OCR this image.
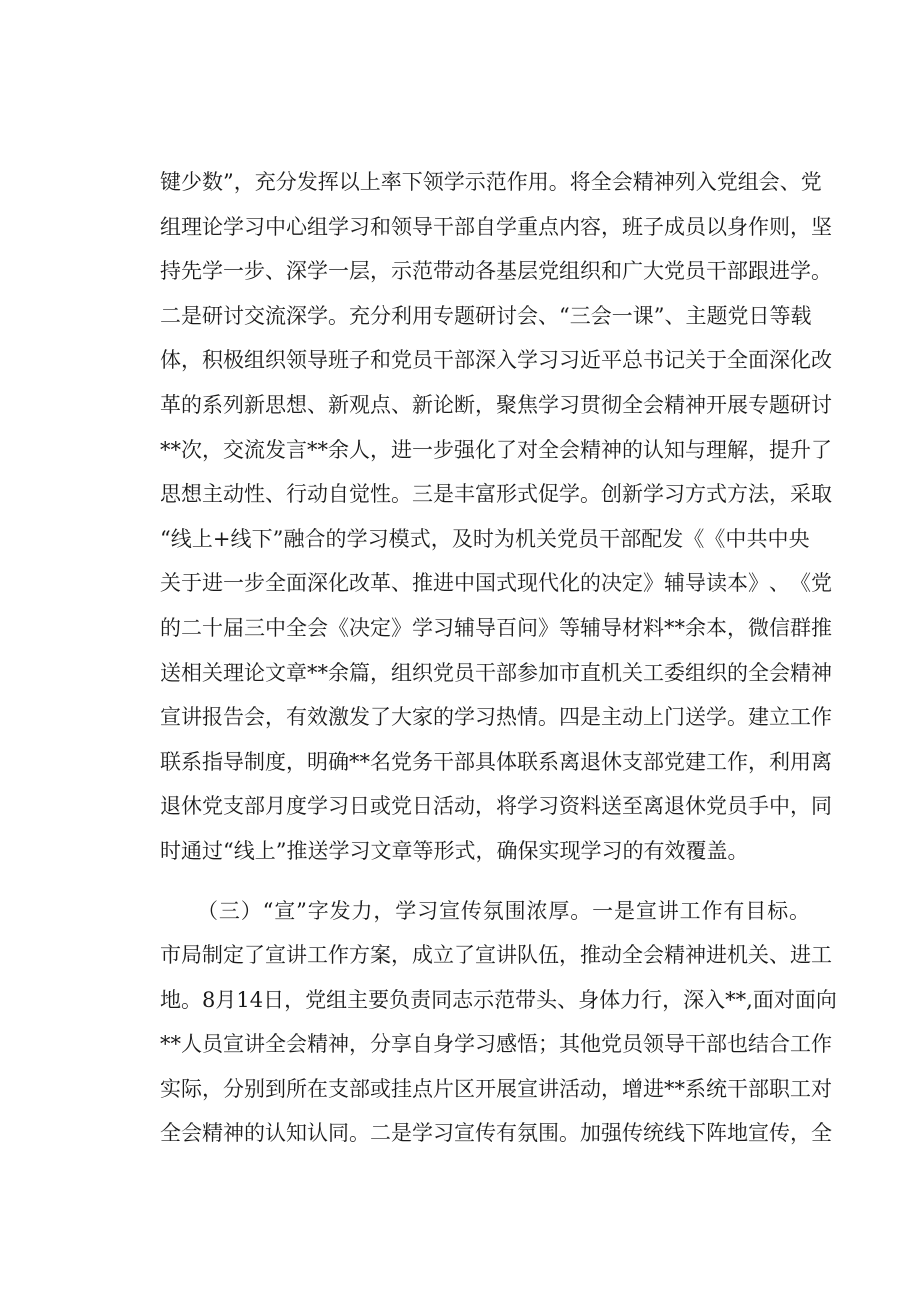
键 少 数 ” ， 充 分 发 挥 以 上 率 下 领 学 示 范 作 用 。 将 全 会 精 神 列 入 党 组 会 、 党
组 理 论 学 习 中 心 组 学 习 和 领 导 干 部 自 学 重 点 内 容 ， 班 子 成 员 以 身 作 则 ， 坚
持 先 学 一 步 、 深 学 一 层 ， 示 范 带 动 各 基 层 党 组 织 和 广 大 党 员 干 部 跟 进 学 。
二 是 研 讨 交 流 深 学 。 充 分 利 用 专 题 研 讨 会 、 “ 三 会 一 课 ” 、 主 题 党 日 等 载
体 ， 积 极 组 织 领 导 班 子 和 党 员 干 部 深 入 学 习 习 近 平 总 书 记 关 于 全 面 深 化 改
革 的 系 列 新 思 想 、 新 观 点 、 新 论 断 ， 聚 焦 学 习 贯 彻 全 会 精 神 开 展 专 题 研 讨
* * 次 ， 交 流 发 言 * * 余 人 ， 进 一 步 强 化 了 对 全 会 精 神 的 认 知 与 理 解 ， 提 升 了
思 想 主 动 性 、 行 动 自 觉 性 。 三 是 丰 富 形 式 促 学 。 创 新 学 习 方 式 方 法 ， 采 取
“ 线 上 + 线 下 ” 融 合 的 学 习 模 式 ， 及 时 为 机 关 党 员 干 部 配 发 《 《 中 共 中 央
关 于 进 一 步 全 面 深 化 改 革 、 推 进 中 国 式 现 代 化 的 决 定 》 辅 导 读 本 》 、 《 党
的 二 十 届 三 中 全 会 《 决 定 》 学 习 辅 导 百 问 》 等 辅 导 材 料 * * 余 本 ， 微 信 群 推
送 相 关 理 论 文 章 * * 余 篇 ， 组 织 党 员 干 部 参 加 市 直 机 关 工 委 组 织 的 全 会 精 神
宣 讲 报 告 会 ， 有 效 激 发 了 大 家 的 学 习 热 情 。 四 是 主 动 上 门 送 学 。 建 立 工 作
联 系 指 导 制 度 ， 明 确 * * 名 党 务 干 部 具 体 联 系 离 退 休 支 部 党 建 工 作 ， 利 用 离
退 休 党 支 部 月 度 学 习 日 或 党 日 活 动 ， 将 学 习 资 料 送 至 离 退 休 党 员 手 中 ， 同
时通过“线上”推送学习文章等形式，确保实现学习的有效覆盖。
（ 三 ） “ 宣 ” 字 发 力 ， 学 习 宣 传 氛 围 浓 厚 。 一 是 宣 讲 工 作 有 目 标 。
市 局 制 定 了 宣 讲 工 作 方 案 ， 成 立 了 宣 讲 队 伍 ， 推 动 全 会 精 神 进 机 关 、 进 工
地 。 8 月 1 4 日 ， 党 组 主 要 负 责 同 志 示 范 带 头 、 身 体 力 行 ， 深 入 * * , 面 对 面 向
* * 人 员 宣 讲 全 会 精 神 ， 分 享 自 身 学 习 感 悟 ； 其 他 党 员 领 导 干 部 也 结 合 工 作
实 际 ， 分 别 到 所 在 支 部 或 挂 点 片 区 开 展 宣 讲 活 动 ， 增 进 * * 系 统 干 部 职 工 对
全 会 精 神 的 认 知 认 同 。 二 是 学 习 宣 传 有 氛 围 。 加 强 传 统 线 下 阵 地 宣 传 ， 全
